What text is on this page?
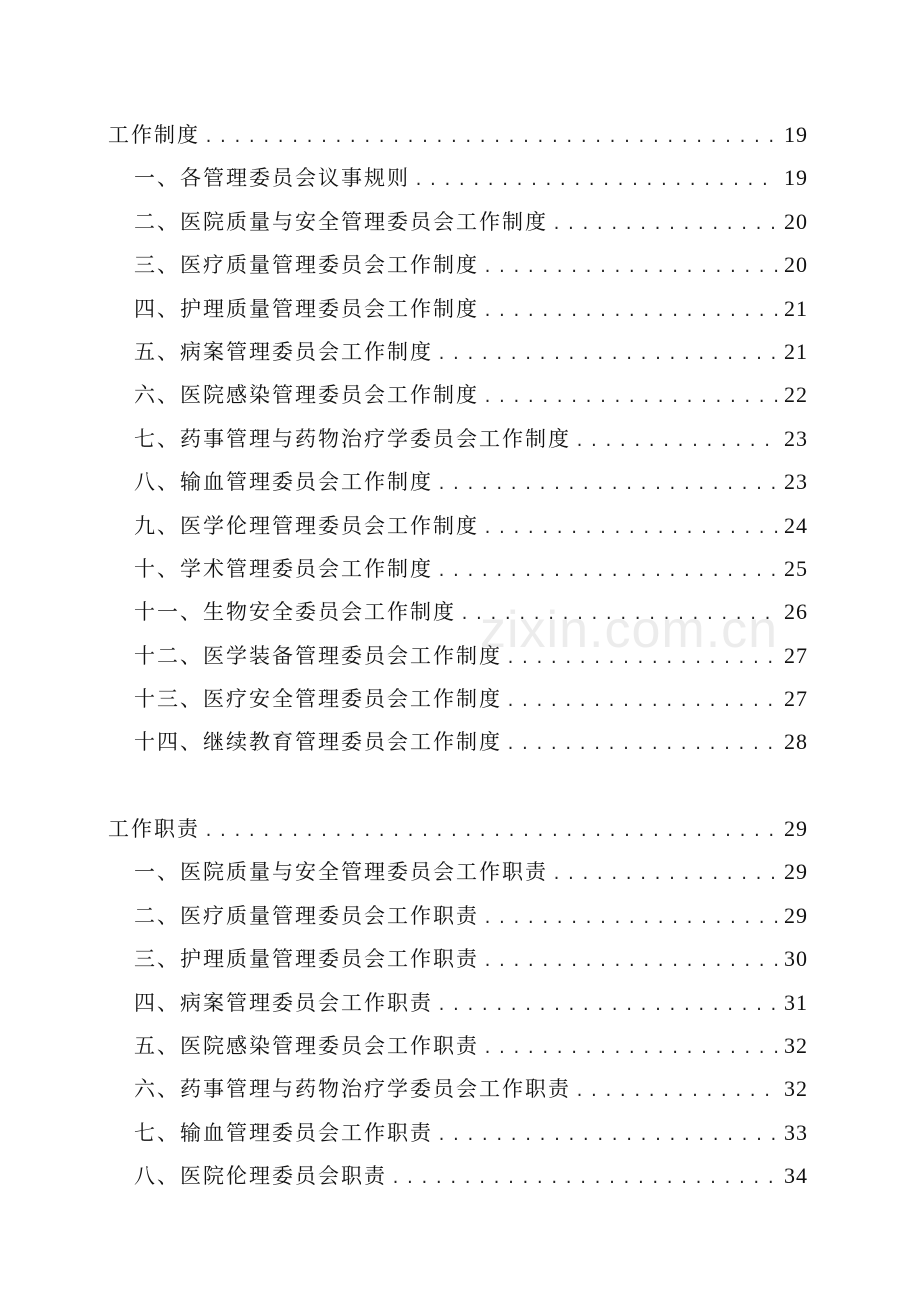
工作制度 .....	19
一、各管理委员会议事规则 .....	19
二、医院质量与安全管理委员会工作制度 .....	20
三、医疗质量管理委员会工作制度 .....	20
四、护理质量管理委员会工作制度 .....	21
五、病案管理委员会工作制度 .....	21
六、医院感染管理委员会工作制度 .....	22
七、药事管理与药物治疗学委员会工作制度 .....	23
八、输血管理委员会工作制度 .....	23
九、医学伦理管理委员会工作制度 .....	24
十、学术管理委员会工作制度 .....	25
十一、生物安全委员会工作制度 .....	26
十二、医学装备管理委员会工作制度 .....	27
十三、医疗安全管理委员会工作制度 .....	27
十四、继续教育管理委员会工作制度 .....	28
工作职责 .....	29
一、医院质量与安全管理委员会工作职责 .....	29
二、医疗质量管理委员会工作职责 .....	29
三、护理质量管理委员会工作职责 .....	30
四、病案管理委员会工作职责 .....	31
五、医院感染管理委员会工作职责 .....	32
六、药事管理与药物治疗学委员会工作职责 .....	32
七、输血管理委员会工作职责 .....	33
八、医院伦理委员会职责 .....	34
zixin.com.cn
